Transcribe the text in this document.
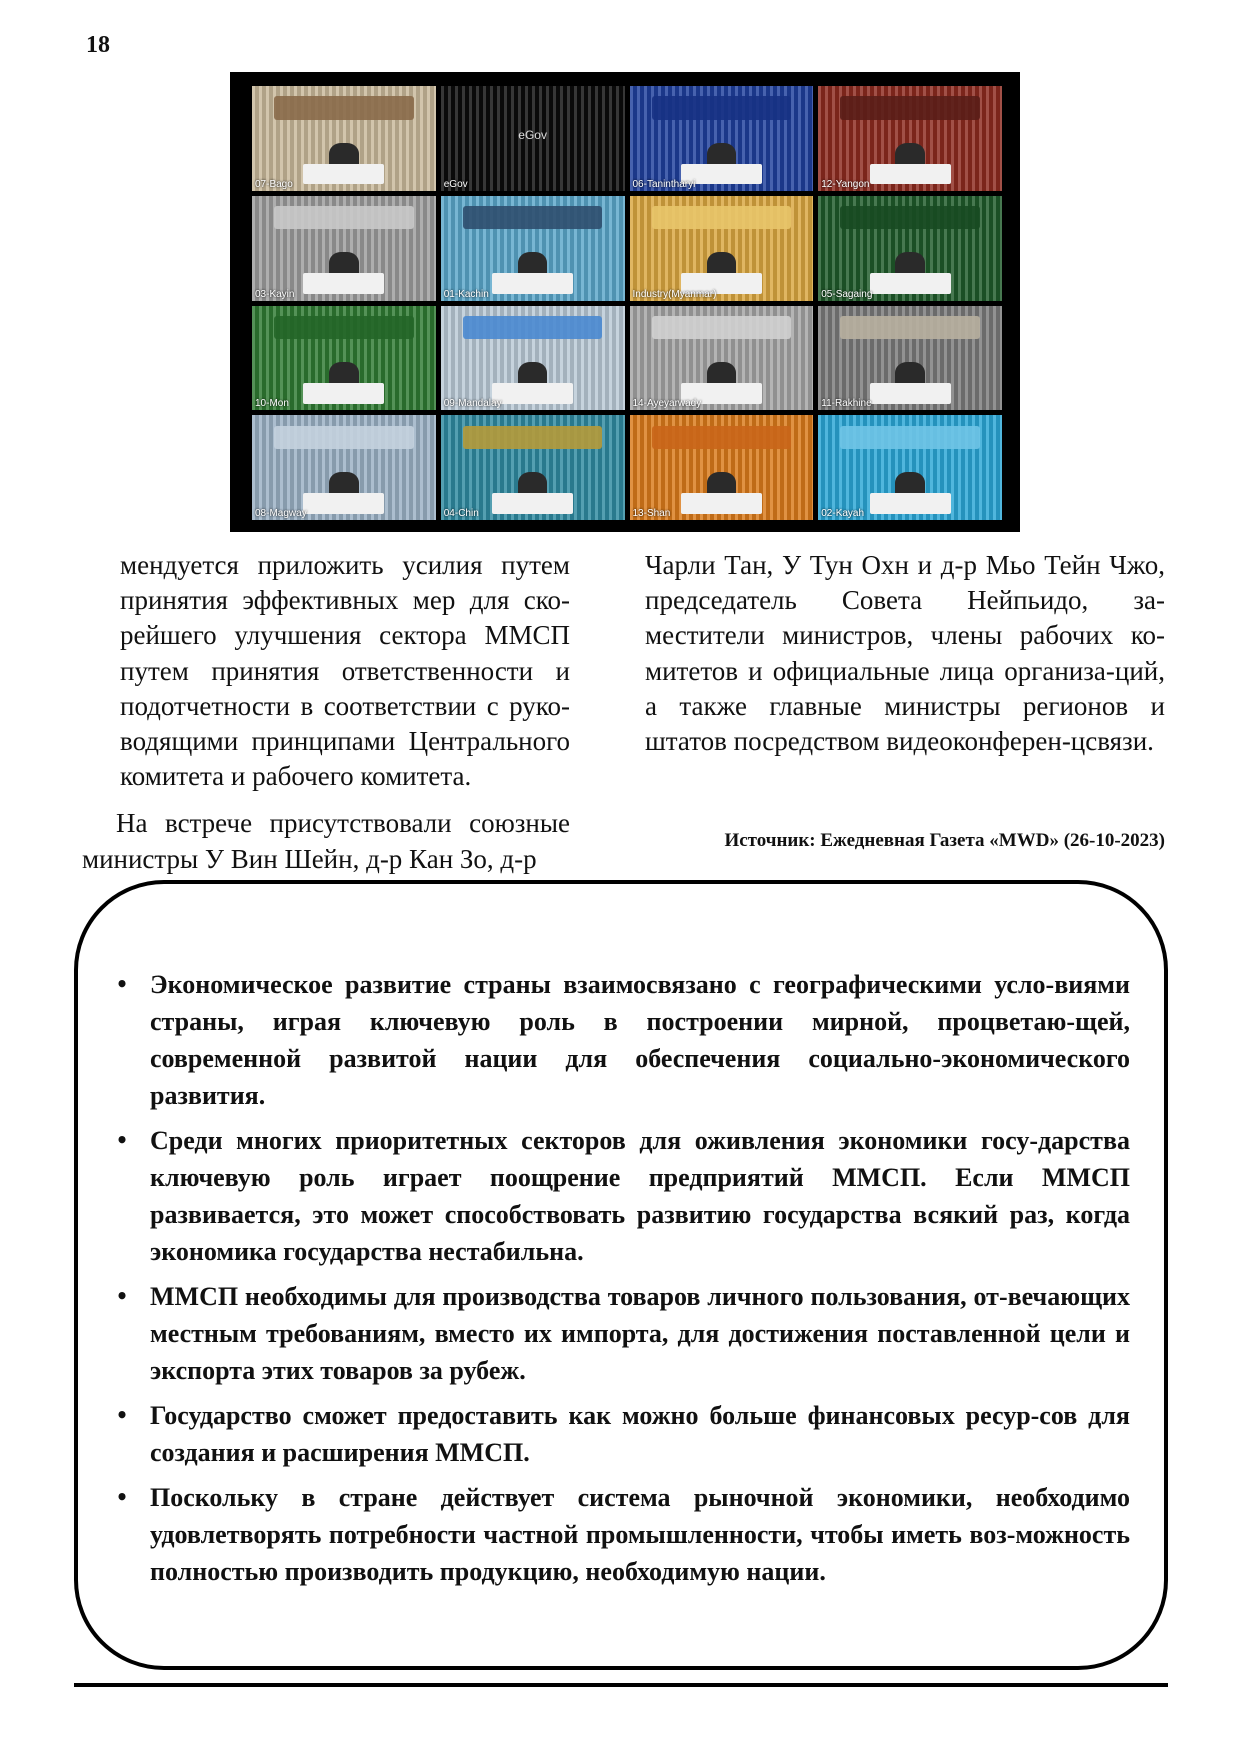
18
07-Bago
eGov
eGov	06-Tanintharyi	12-Yangon
03-Kayin	01-Kachin	Industry(Myanmar)	05-Sagaing
10-Mon	09-Mandalay	14-Ayeyarwady	11-Rakhine
08-Magway	04-Chin	13-Shan	02-Kayah

мендуется приложить усилия путем принятия эффективных мер для ско-рейшего улучшения сектора ММСП путем принятия ответственности и подотчетности в соответствии с руко-водящими принципами Центрального комитета и рабочего комитета.

На встрече присутствовали союзные министры У Вин Шейн, д-р Кан Зо, д-р

Чарли Тан, У Тун Охн и д-р Мьо Тейн Чжо, председатель Совета Нейпьидо, за-местители министров, члены рабочих ко-митетов и официальные лица организа-ций, а также главные министры регионов и штатов посредством видеоконферен-цсвязи.

Источник: Ежедневная Газета «MWD» (26-10-2023)
• Экономическое развитие страны взаимосвязано с географическими усло-виями страны, играя ключевую роль в построении мирной, процветаю-щей, современной развитой нации для обеспечения социально-экономического развития.
• Среди многих приоритетных секторов для оживления экономики госу-дарства ключевую роль играет поощрение предприятий ММСП. Если ММСП развивается, это может способствовать развитию государства всякий раз, когда экономика государства нестабильна.
• ММСП необходимы для производства товаров личного пользования, от-вечающих местным требованиям, вместо их импорта, для достижения поставленной цели и экспорта этих товаров за рубеж.
• Государство сможет предоставить как можно больше финансовых ресур-сов для создания и расширения ММСП.
• Поскольку в стране действует система рыночной экономики, необходимо удовлетворять потребности частной промышленности, чтобы иметь воз-можность полностью производить продукцию, необходимую нации.
